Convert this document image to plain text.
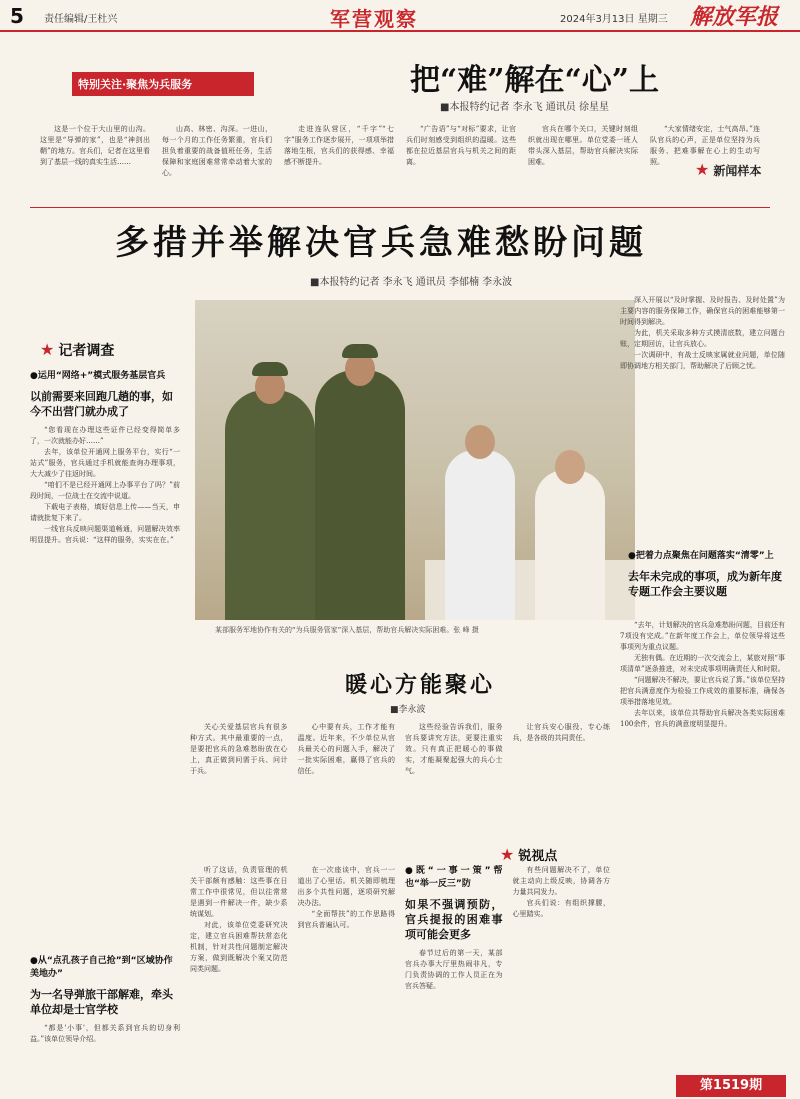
5 责任编辑/王杜兴	军营观察	2024年3月13日 星期三 解放军报
特别关注·聚焦为兵服务	把“难”解在“心”上
■本报特约记者 李永飞 通讯员 徐星星

这是一个位于大山里的山沟。这里是“导弹的家”，也是“神剑出鞘”的地方。官兵们，记者在这里看到了基层一线的真实生活……

山高、林密、沟深。一进山，每一个月的工作任务繁重，官兵们担负着重要的战备值班任务，生活保障和家庭困难常常牵动着大家的心。

走进连队营区，“千字”“七字”服务工作逐步展开，一项项举措落地生根，官兵们的获得感、幸福感不断提升。

“广告语”与“对标”要求，让官兵们时刻感受到组织的温暖。这些都在拉近基层官兵与机关之间的距离。

官兵在哪个关口，关键时刻组织就出现在哪里。单位党委一班人带头深入基层，帮助官兵解决实际困难。

“大家情绪安定，士气高昂。”连队官兵的心声，正是单位坚持为兵服务、把难事解在心上的生动写照。	★ 新闻样本
多措并举解决官兵急难愁盼问题
■本报特约记者 李永飞 通讯员 李郁楠 李永波
★ 记者调查
●运用“网络+”模式服务基层官兵
以前需要来回跑几趟的事，如今不出营门就办成了

“您看现在办理这些证件已经变得简单多了，一次就能办好……”

去年，该单位开通网上服务平台，实行“一站式”服务，官兵通过手机就能查询办理事项，大大减少了往返时间。

“咱们不是已经开通网上办事平台了吗？”前段时间，一位战士在交流中说道。

下载电子表格，填好信息上传——当天，申请就批复下来了。

一线官兵反映问题渠道畅通，问题解决效率明显提升。官兵说：“这样的服务，实实在在。”

●从“点孔孩子自己抢”到“区域协作美地办”
为一名导弹旅干部解难，牵头单位却是士官学校

“都是'小事'，但都关系到官兵的切身利益。”该单位领导介绍。

某部服务军地协作有关的“为兵服务管家”深入基层，帮助官兵解决实际困难。张 峰 摄

深入开展以“及时掌握、及时报告、及时处置”为主要内容的服务保障工作，确保官兵的困难能够第一时间得到解决。

为此，机关采取多种方式摸清底数，建立问题台账，定期回访，让官兵放心。

一次调研中，有战士反映家属就业问题，单位随即协调地方相关部门，帮助解决了后顾之忧。

●把着力点聚焦在问题落实“清零”上
去年未完成的事项，成为新年度专题工作会主要议题

“去年，计划解决的官兵急难愁盼问题，目前还有7项没有完成。”在新年度工作会上，单位领导将这些事项列为重点议题。

无独有偶。在近期的一次交流会上，某旅对照“事项清单”逐条推进，对未完成事项明确责任人和时限。

“问题解决不解决，要让官兵说了算。”该单位坚持把官兵满意度作为检验工作成效的重要标准，确保各项举措落地见效。

去年以来，该单位共帮助官兵解决各类实际困难100余件，官兵的满意度明显提升。

暖心方能聚心
■李永波

关心关爱基层官兵有很多种方式。其中最重要的一点，是要把官兵的急难愁盼放在心上，真正做到问需于兵、问计于兵。

心中要有兵，工作才能有温度。近年来，不少单位从官兵最关心的问题入手，解决了一批实际困难，赢得了官兵的信任。

这些经验告诉我们，服务官兵要讲究方法，更要注重实效。只有真正把暖心的事做实，才能凝聚起强大的兵心士气。

让官兵安心服役、专心练兵，是各级的共同责任。

★ 锐视点

听了这话，负责管理的机关干部颇有感触：这些事在日常工作中很常见，但以往常常是遇到一件解决一件，缺少系统谋划。

对此，该单位党委研究决定，建立官兵困难帮扶常态化机制，针对共性问题制定解决方案，做到既解决个案又防范同类问题。

在一次座谈中，官兵一一道出了心里话。机关随即梳理出多个共性问题，逐项研究解决办法。

“全面帮扶”的工作思路得到官兵普遍认可。

●既“一事一策”帮也“举一反三”防
如果不强调预防，官兵提报的困难事项可能会更多

春节过后的第一天，某部官兵办事大厅里热闹非凡，专门负责协调的工作人员正在为官兵答疑。

有些问题解决不了，单位就主动向上级反映，协调各方力量共同发力。

官兵们说：有组织撑腰，心里踏实。

第1519期
